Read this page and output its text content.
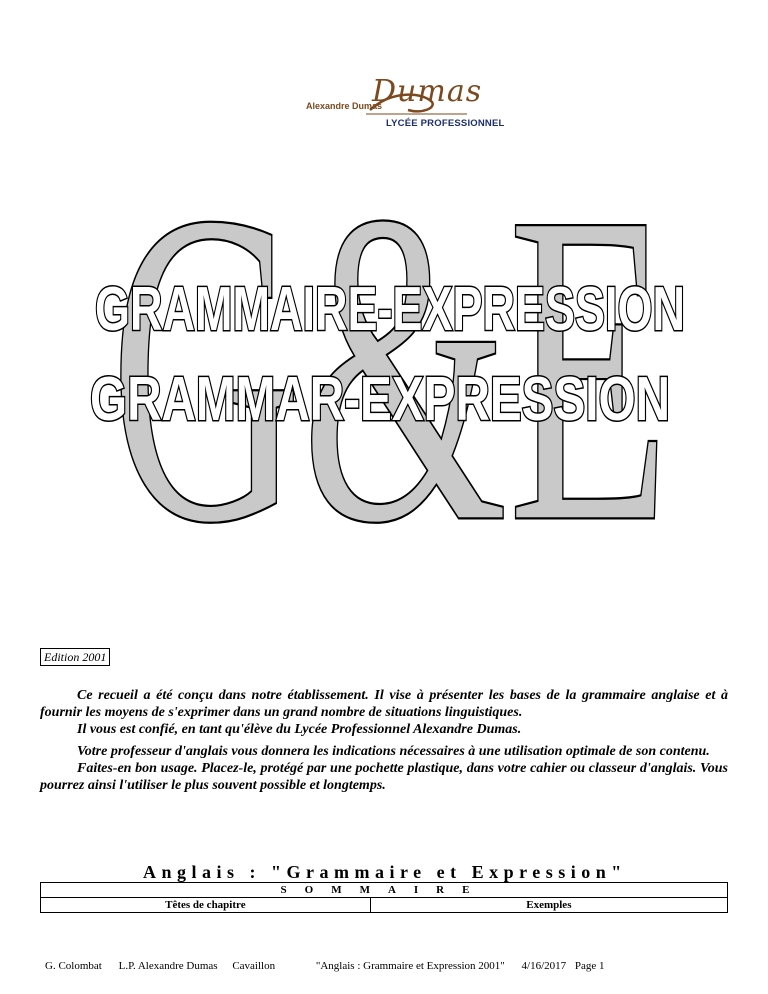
Dumas
Alexandre Dumas
LYCÉE PROFESSIONNEL
G&E
GRAMMAIRE-EXPRESSION
GRAMMAR-EXPRESSION
Edition 2001

Ce recueil a été conçu dans notre établissement. Il vise à présenter les bases de la grammaire anglaise et à fournir les moyens de s'exprimer dans un grand nombre de situations linguistiques.

Il vous est confié, en tant qu'élève du Lycée Professionnel Alexandre Dumas.

Votre professeur d'anglais vous donnera les indications nécessaires à une utilisation optimale de son contenu.

Faites-en bon usage. Placez-le, protégé par une pochette plastique, dans votre cahier ou classeur d'anglais. Vous pourrez ainsi l'utiliser le plus souvent possible et longtemps.

Anglais : "Grammaire et Expression"
SOMMAIRE
Têtes de chapitre	Exemples
G. Colombat L.P. Alexandre Dumas Cavaillon	"Anglais : Grammaire et Expression 2001" 4/16/2017 Page 1
